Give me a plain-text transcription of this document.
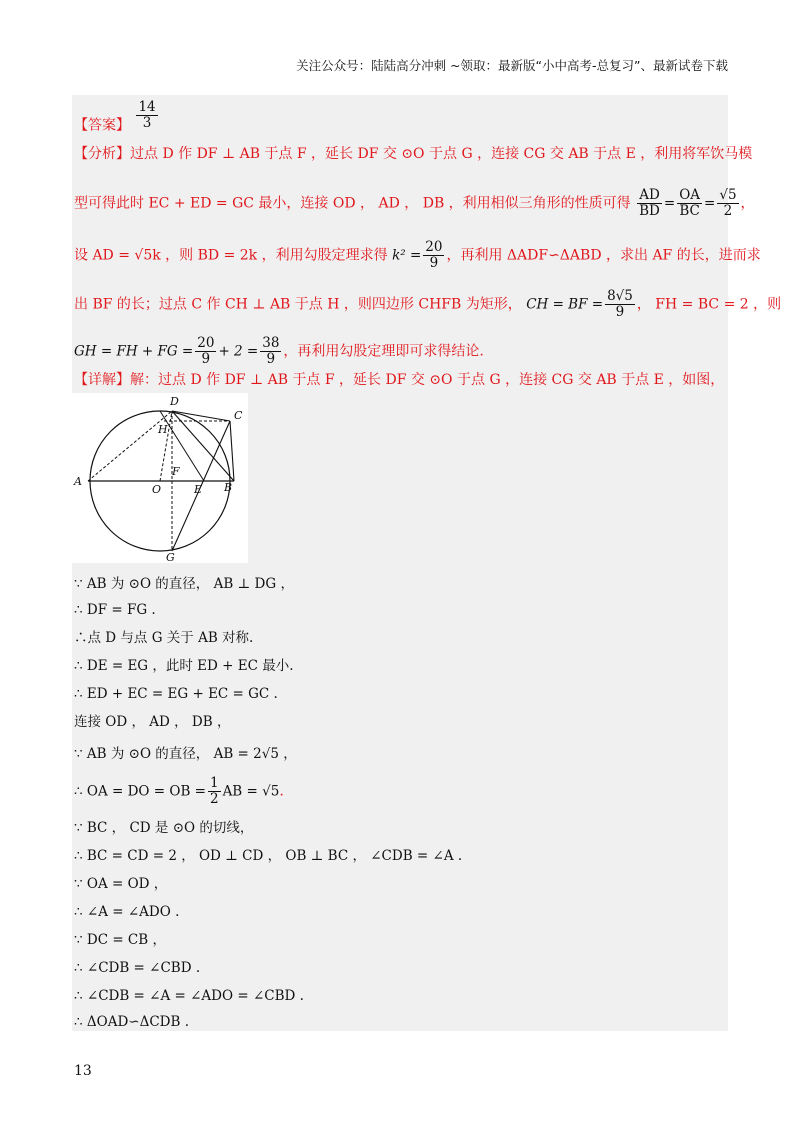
关注公众号：陆陆高分冲刺 ~领取：最新版“小中高考-总复习”、最新试卷下载
【答案】 $\frac{14}{3}$
【分析】过点 D 作 DF ⊥ AB 于点 F ，延长 DF 交 ⊙O 于点 G ，连接 CG 交 AB 于点 E ，利用将军饮马模
型可得此时 EC + ED = GC 最小，连接 OD ， AD ， DB ，利用相似三角形的性质可得 $\frac{AD}{BD} = \frac{OA}{BC} = \frac{√5}{2}$ ，
设 AD = √5k ，则 BD = 2k ，利用勾股定理求得 $k^2 = \frac{20}{9}$ ，再利用 ΔADF∽ΔABD ，求出 AF 的长，进而求
出 BF 的长；过点 C 作 CH ⊥ AB 于点 H ，则四边形 CHFB 为矩形， CH = BF = $\frac{8√5}{9}$ ， FH = BC = 2 ，则
GH = FH + FG = $\frac{20}{9} + 2 = \frac{38}{9}$ ，再利用勾股定理即可求得结论.
【详解】解：过点 D 作 DF ⊥ AB 于点 F ，延长 DF 交 ⊙O 于点 G ，连接 CG 交 AB 于点 E ，如图，
D
C
H
A	B
F
O	E
G
∵ AB 为 ⊙O 的直径， AB ⊥ DG ，
∴ DF = FG .
∴点 D 与点 G 关于 AB 对称.
∴ DE = EG ，此时 ED + EC 最小.
∴ ED + EC = EG + EC = GC .
连接 OD ， AD ， DB ，
∵ AB 为 ⊙O 的直径， AB = 2√5 ，
∴ OA = DO = OB = $\frac{1}{2}$ AB = √5.
∵ BC ， CD 是 ⊙O 的切线，
∴ BC = CD = 2 ， OD ⊥ CD ， OB ⊥ BC ， ∠CDB = ∠A .
∵ OA = OD ，
∴ ∠A = ∠ADO .
∵ DC = CB ，
∴ ∠CDB = ∠CBD .
∴ ∠CDB = ∠A = ∠ADO = ∠CBD .
∴ ΔOAD∽ΔCDB .
13
